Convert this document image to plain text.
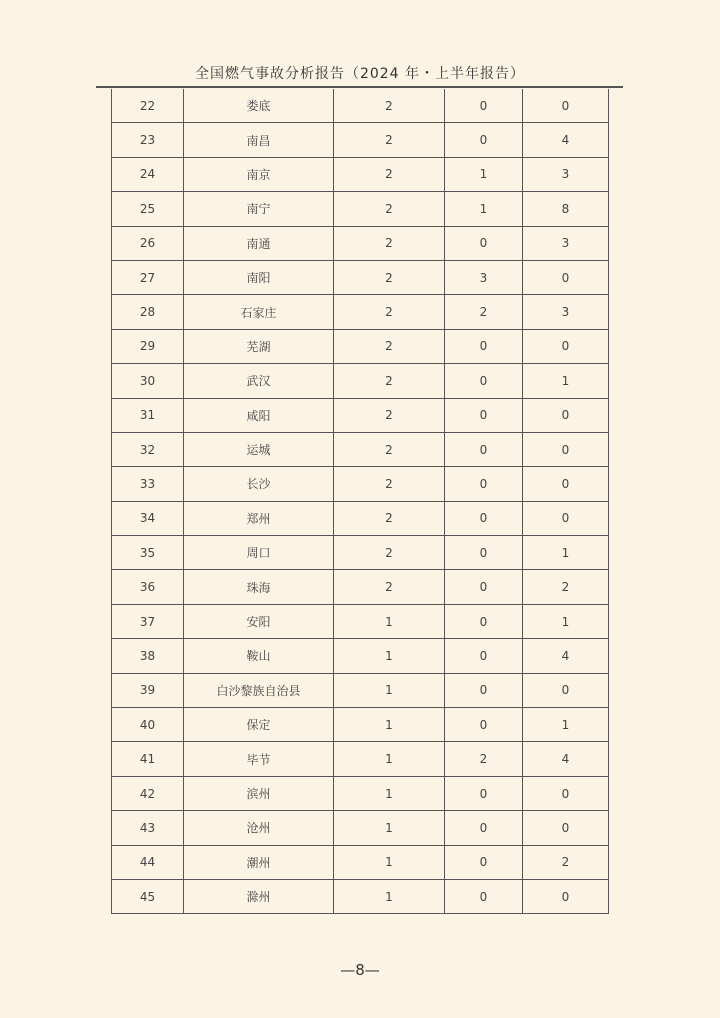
全国燃气事故分析报告（2024 年・上半年报告）
22	娄底	2	0	0
23	南昌	2	0	4
24	南京	2	1	3
25	南宁	2	1	8
26	南通	2	0	3
27	南阳	2	3	0
28	石家庄	2	2	3
29	芜湖	2	0	0
30	武汉	2	0	1
31	咸阳	2	0	0
32	运城	2	0	0
33	长沙	2	0	0
34	郑州	2	0	0
35	周口	2	0	1
36	珠海	2	0	2
37	安阳	1	0	1
38	鞍山	1	0	4
39	白沙黎族自治县	1	0	0
40	保定	1	0	1
41	毕节	1	2	4
42	滨州	1	0	0
43	沧州	1	0	0
44	潮州	1	0	2
45	滁州	1	0	0
—8—
